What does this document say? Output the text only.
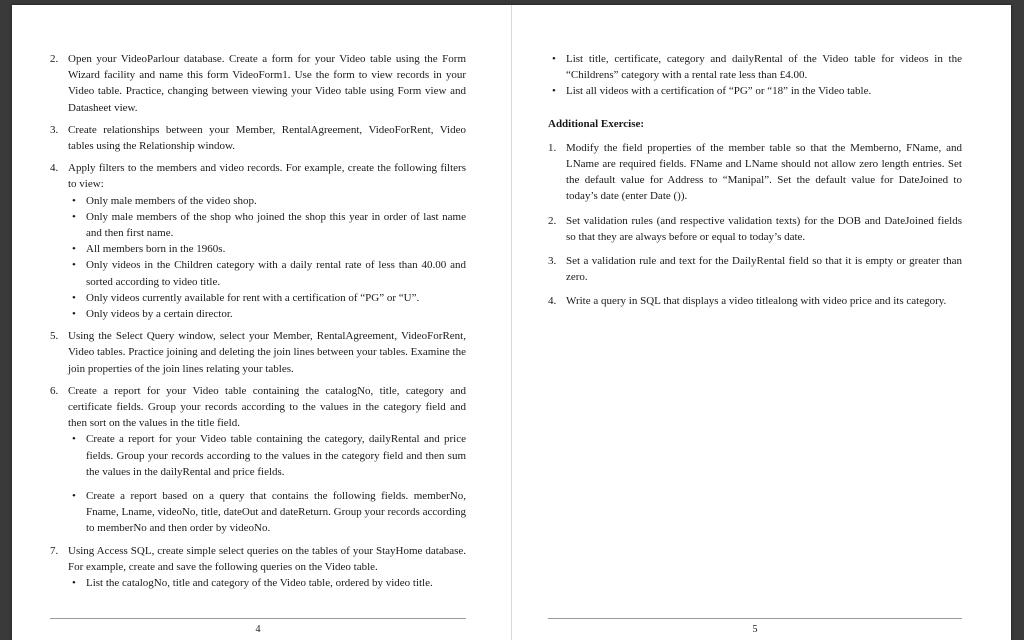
2. Open your VideoParlour database. Create a form for your Video table using the Form Wizard facility and name this form VideoForm1. Use the form to view records in your Video table. Practice, changing between viewing your Video table using Form view and Datasheet view.
3. Create relationships between your Member, RentalAgreement, VideoForRent, Video tables using the Relationship window.
4. Apply filters to the members and video records. For example, create the following filters to view:
• Only male members of the video shop.
• Only male members of the shop who joined the shop this year in order of last name and then first name.
• All members born in the 1960s.
• Only videos in the Children category with a daily rental rate of less than 40.00 and sorted according to video title.
• Only videos currently available for rent with a certification of “PG” or “U”.
• Only videos by a certain director.
5. Using the Select Query window, select your Member, RentalAgreement, VideoForRent, Video tables. Practice joining and deleting the join lines between your tables. Examine the join properties of the join lines relating your tables.
6. Create a report for your Video table containing the catalogNo, title, category and certificate fields. Group your records according to the values in the category field and then sort on the values in the title field.
• Create a report for your Video table containing the category, dailyRental and price fields. Group your records according to the values in the category field and then sum the values in the dailyRental and price fields.
• Create a report based on a query that contains the following fields. memberNo, Fname, Lname, videoNo, title, dateOut and dateReturn. Group your records according to memberNo and then order by videoNo.
7. Using Access SQL, create simple select queries on the tables of your StayHome database. For example, create and save the following queries on the Video table.
• List the catalogNo, title and category of the Video table, ordered by video title.
4
• List title, certificate, category and dailyRental of the Video table for videos in the “Childrens” category with a rental rate less than £4.00.
• List all videos with a certification of “PG” or “18” in the Video table.
Additional Exercise:
1. Modify the field properties of the member table so that the Memberno, FName, and LName are required fields. FName and LName should not allow zero length entries. Set the default value for Address to “Manipal”. Set the default value for DateJoined to today’s date (enter Date ()).
2. Set validation rules (and respective validation texts) for the DOB and DateJoined fields so that they are always before or equal to today’s date.
3. Set a validation rule and text for the DailyRental field so that it is empty or greater than zero.
4. Write a query in SQL that displays a video titlealong with video price and its category.
5
